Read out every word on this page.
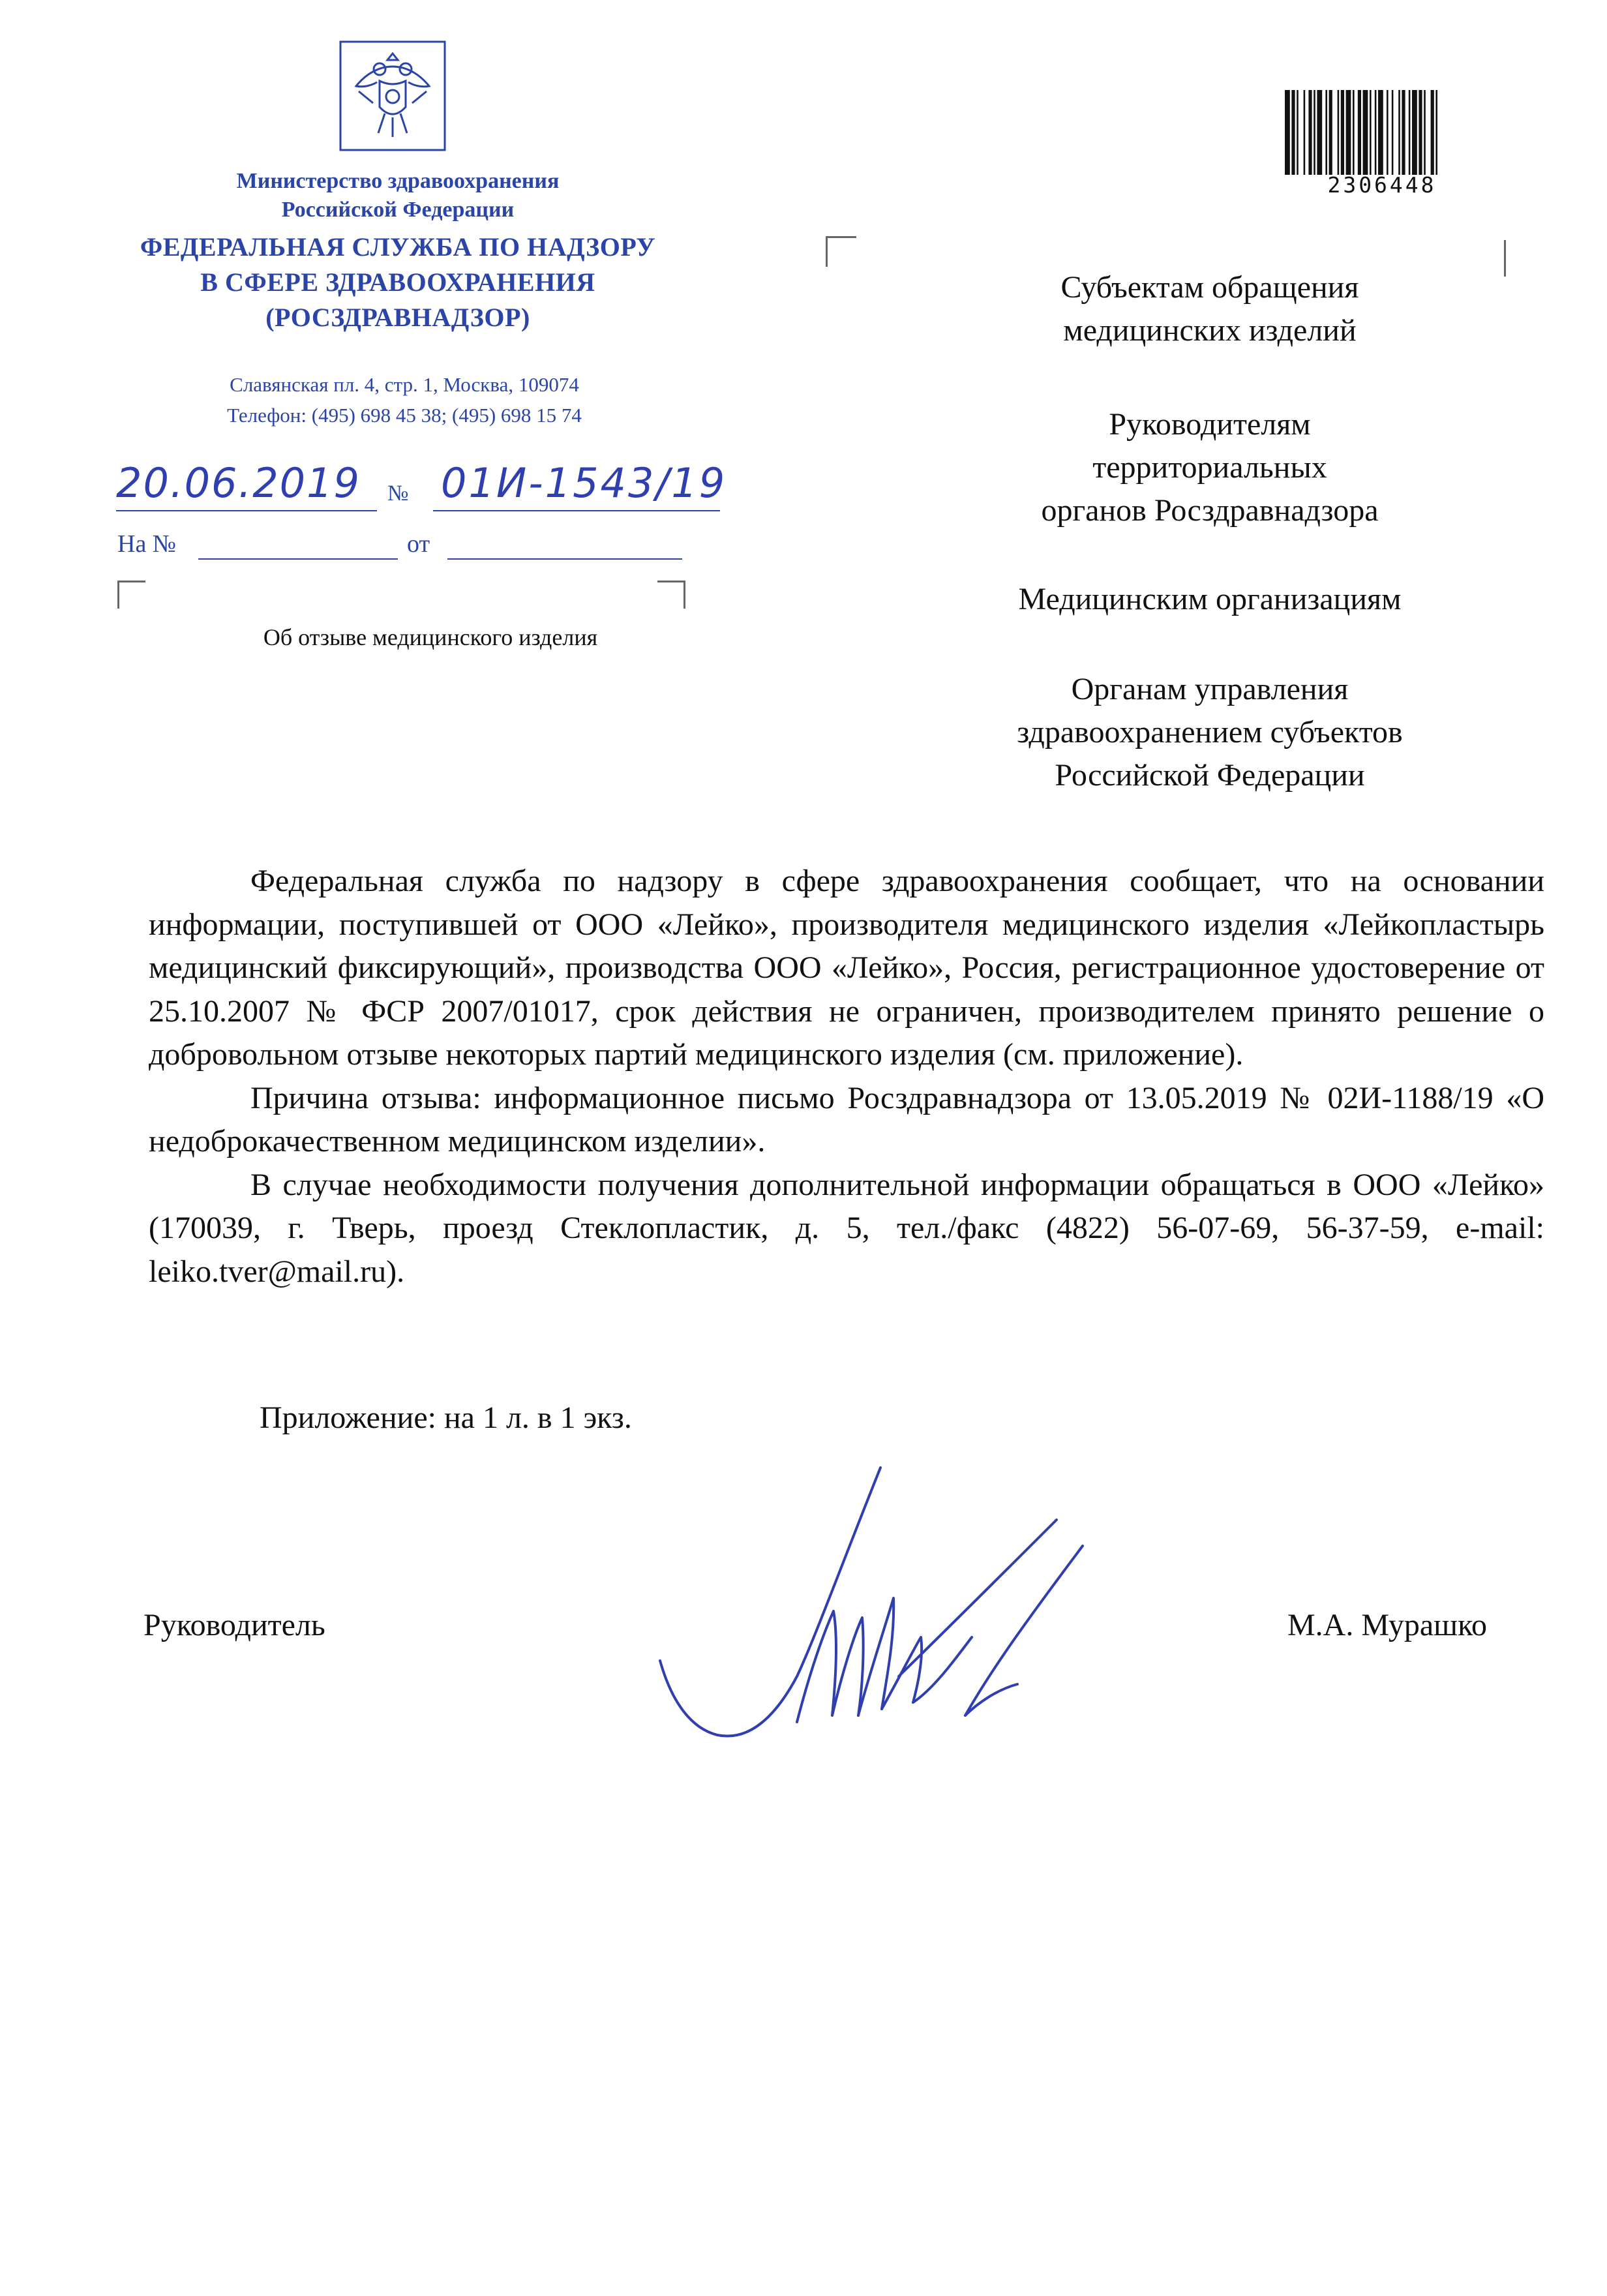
Министерство здравоохранения
Российской Федерации
ФЕДЕРАЛЬНАЯ СЛУЖБА ПО НАДЗОРУ
В СФЕРЕ ЗДРАВООХРАНЕНИЯ
(РОСЗДРАВНАДЗОР)
Славянская пл. 4, стр. 1, Москва, 109074
Телефон: (495) 698 45 38; (495) 698 15 74
20.06.2019 № 01И-1543/19
На №	от
Об отзыве медицинского изделия
2306448
Субъектам обращения
медицинских изделий
Руководителям
территориальных
органов Росздравнадзора
Медицинским организациям
Органам управления
здравоохранением субъектов
Российской Федерации

Федеральная служба по надзору в сфере здравоохранения сообщает, что на основании информации, поступившей от ООО «Лейко», производителя медицинского изделия «Лейкопластырь медицинский фиксирующий», производства ООО «Лейко», Россия, регистрационное удостоверение от 25.10.2007 № ФСР 2007/01017, срок действия не ограничен, производителем принято решение о добровольном отзыве некоторых партий медицинского изделия (см. приложение).

Причина отзыва: информационное письмо Росздравнадзора от 13.05.2019 № 02И-1188/19 «О недоброкачественном медицинском изделии».

В случае необходимости получения дополнительной информации обращаться в ООО «Лейко» (170039, г. Тверь, проезд Стеклопластик, д. 5, тел./факс (4822) 56-07-69, 56-37-59, e-mail: leiko.tver@mail.ru).

Приложение: на 1 л. в 1 экз.
Руководитель	М.А. Мурашко
